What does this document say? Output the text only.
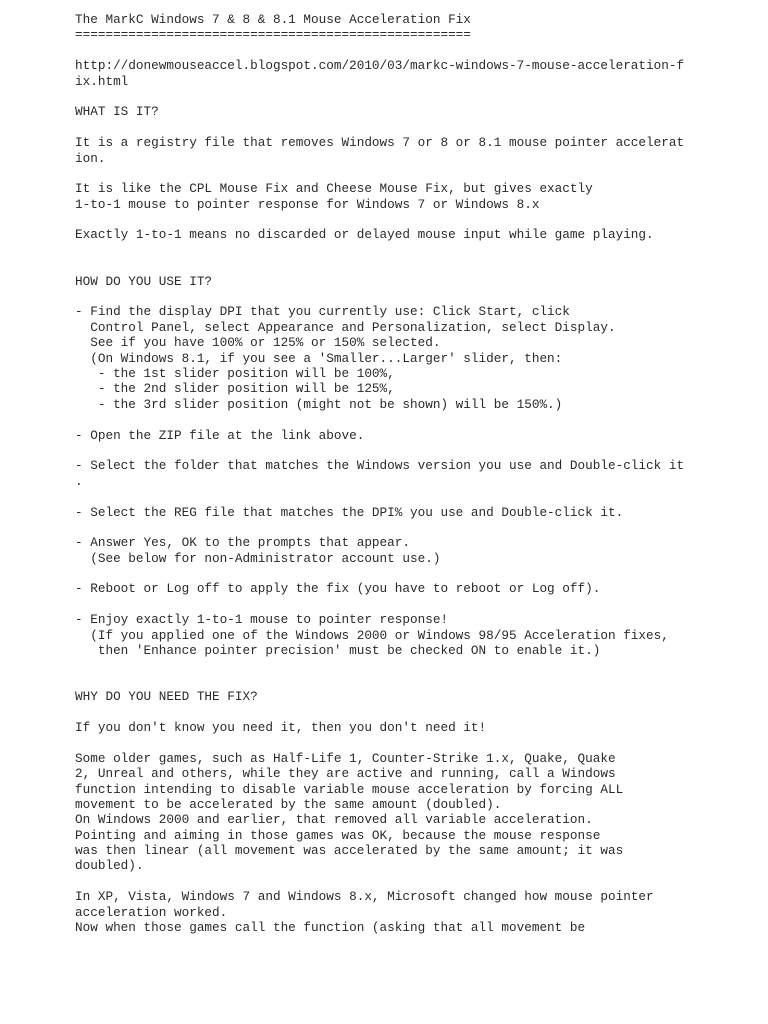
The MarkC Windows 7 & 8 & 8.1 Mouse Acceleration Fix
====================================================
http://donewmouseaccel.blogspot.com/2010/03/markc-windows-7-mouse-acceleration-f
ix.html
WHAT IS IT?
It is a registry file that removes Windows 7 or 8 or 8.1 mouse pointer accelerat
ion.
It is like the CPL Mouse Fix and Cheese Mouse Fix, but gives exactly
1-to-1 mouse to pointer response for Windows 7 or Windows 8.x
Exactly 1-to-1 means no discarded or delayed mouse input while game playing.
HOW DO YOU USE IT?
- Find the display DPI that you currently use: Click Start, click
Control Panel, select Appearance and Personalization, select Display.
See if you have 100% or 125% or 150% selected.
(On Windows 8.1, if you see a 'Smaller...Larger' slider, then:
- the 1st slider position will be 100%,
- the 2nd slider position will be 125%,
- the 3rd slider position (might not be shown) will be 150%.)
- Open the ZIP file at the link above.
- Select the folder that matches the Windows version you use and Double-click it
.
- Select the REG file that matches the DPI% you use and Double-click it.
- Answer Yes, OK to the prompts that appear.
(See below for non-Administrator account use.)
- Reboot or Log off to apply the fix (you have to reboot or Log off).
- Enjoy exactly 1-to-1 mouse to pointer response!
(If you applied one of the Windows 2000 or Windows 98/95 Acceleration fixes,
then 'Enhance pointer precision' must be checked ON to enable it.)
WHY DO YOU NEED THE FIX?
If you don't know you need it, then you don't need it!
Some older games, such as Half-Life 1, Counter-Strike 1.x, Quake, Quake
2, Unreal and others, while they are active and running, call a Windows
function intending to disable variable mouse acceleration by forcing ALL
movement to be accelerated by the same amount (doubled).
On Windows 2000 and earlier, that removed all variable acceleration.
Pointing and aiming in those games was OK, because the mouse response
was then linear (all movement was accelerated by the same amount; it was
doubled).
In XP, Vista, Windows 7 and Windows 8.x, Microsoft changed how mouse pointer
acceleration worked.
Now when those games call the function (asking that all movement be
